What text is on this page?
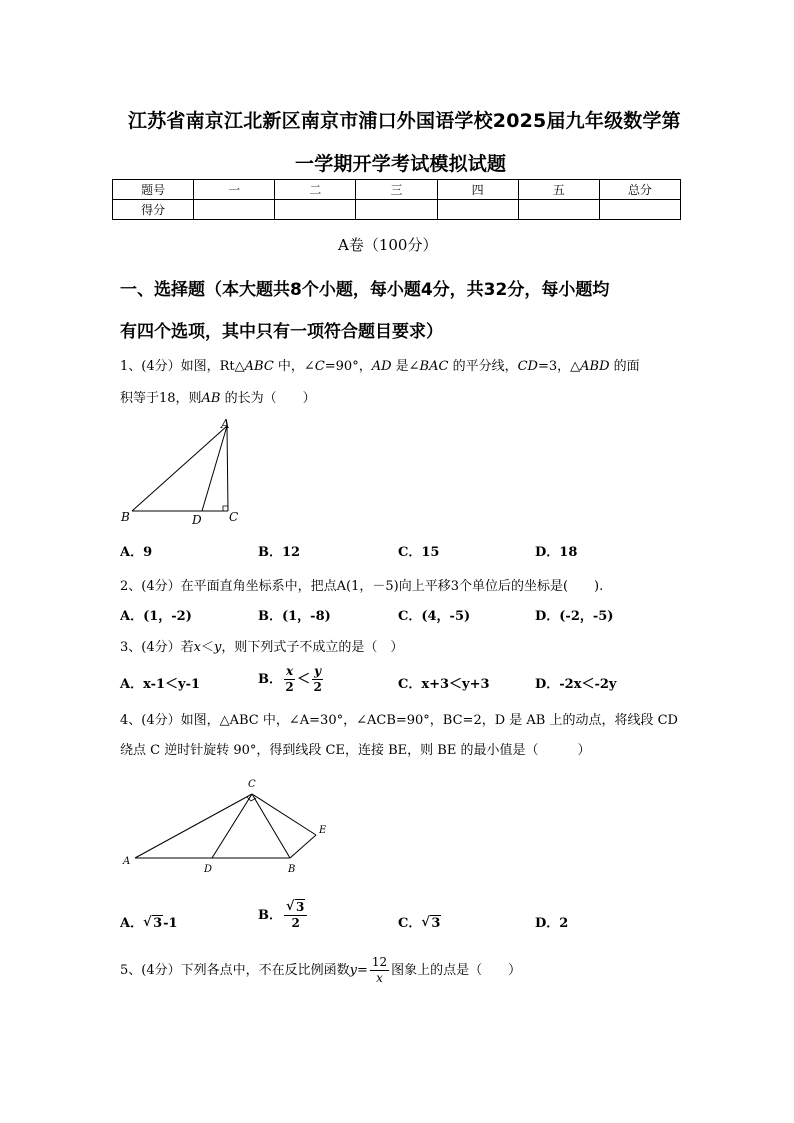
江苏省南京江北新区南京市浦口外国语学校2025届九年级数学第
一学期开学考试模拟试题
题号	一	二	三	四	五	总分
得分						
A卷（100分）
一、选择题（本大题共8个小题，每小题4分，共32分，每小题均
有四个选项，其中只有一项符合题目要求）
1、(4分）如图，Rt△ABC 中，∠C=90°，AD 是∠BAC 的平分线，CD=3，△ABD 的面
积等于18，则AB 的长为（　　）
A
B	C
D
A．9	B．12	C．15	D．18
2、(4分）在平面直角坐标系中，把点A(1，－5)向上平移3个单位后的坐标是(　　).
A．(1，-2)	B．(1，-8)	C．(4，-5)	D．(-2，-5)
3、(4分）若x＜y，则下列式子不成立的是（　）
A．x-1＜y-1	B． $\frac{x}{2} < \frac{y}{2}$	C．x+3＜y+3	D．-2x＜-2y
4、(4分）如图，△ABC 中，∠A=30°，∠ACB=90°，BC=2，D 是 AB 上的动点，将线段 CD
绕点 C 逆时针旋转 90°，得到线段 CE，连接 BE，则 BE 的最小值是（　　　）
C
A
D	B
E
A． √ 3-1
B． √ $\frac{3}{2}$	C． √ 3	D．2
5、(4分）下列各点中，不在反比例函数$y= \frac{12}{x}$ 图象上的点是（　　）
